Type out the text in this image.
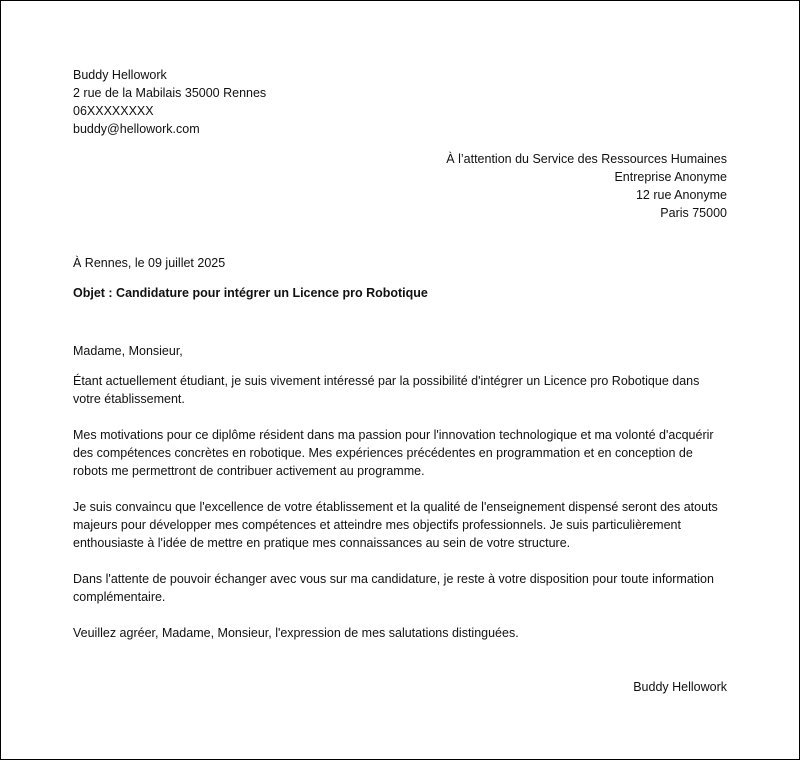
Buddy Hellowork
2 rue de la Mabilais 35000 Rennes
06XXXXXXXX
buddy@hellowork.com
À l’attention du Service des Ressources Humaines
Entreprise Anonyme
12 rue Anonyme
Paris 75000
À Rennes, le 09 juillet 2025
Objet : Candidature pour intégrer un Licence pro Robotique

Madame, Monsieur,

Étant actuellement étudiant, je suis vivement intéressé par la possibilité d'intégrer un Licence pro Robotique dans votre établissement.

Mes motivations pour ce diplôme résident dans ma passion pour l'innovation technologique et ma volonté d'acquérir des compétences concrètes en robotique. Mes expériences précédentes en programmation et en conception de robots me permettront de contribuer activement au programme.

Je suis convaincu que l'excellence de votre établissement et la qualité de l'enseignement dispensé seront des atouts majeurs pour développer mes compétences et atteindre mes objectifs professionnels. Je suis particulièrement enthousiaste à l'idée de mettre en pratique mes connaissances au sein de votre structure.

Dans l'attente de pouvoir échanger avec vous sur ma candidature, je reste à votre disposition pour toute information complémentaire.

Veuillez agréer, Madame, Monsieur, l'expression de mes salutations distinguées.

Buddy Hellowork
